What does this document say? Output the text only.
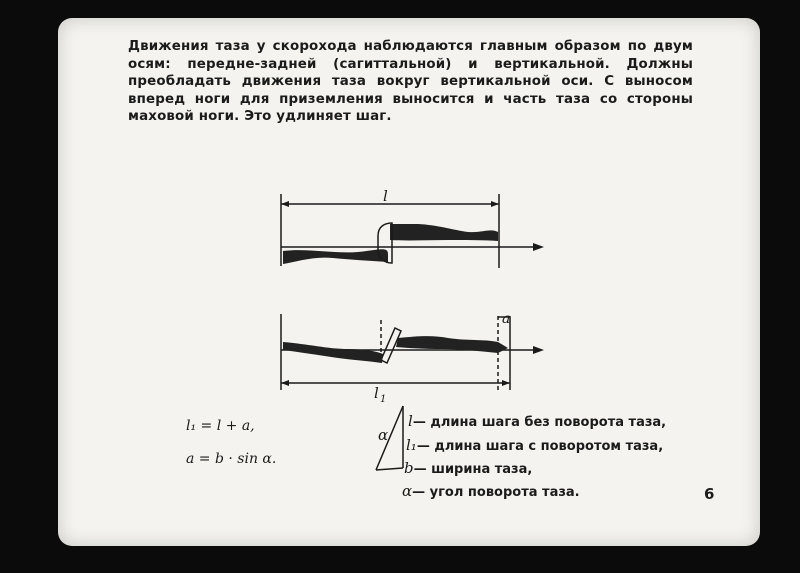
Движения таза у скорохода наблюдаются главным образом по двум осям: передне-задней (сагиттальной) и вертикальной. Должны преобладать движения таза вокруг вертикальной оси. С выносом вперед ноги для приземления выносится и часть таза со стороны маховой ноги. Это удлиняет шаг.

l
a
l 1
α
l₁ = l + a,
a = b · sin α.
l— длина шага без поворота таза,
l₁— длина шага с поворотом таза,
b— ширина таза,
α— угол поворота таза.	6
